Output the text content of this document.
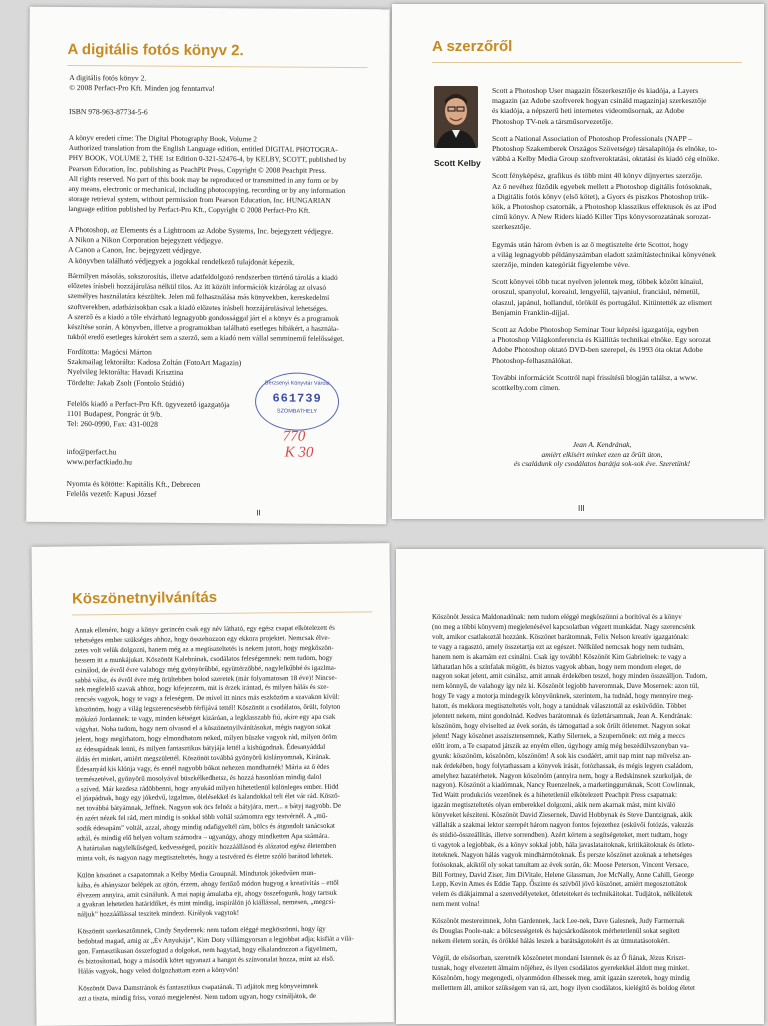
A digitális fotós könyv 2.
A digitális fotós könyv 2.
© 2008 Perfact-Pro Kft. Minden jog fenntartva!
ISBN 978-963-87734-5-6
A könyv eredeti címe: The Digital Photography Book, Volume 2
Authorized translation from the English Language edition, entitled DIGITAL PHOTOGRA-
PHY BOOK, VOLUME 2, THE 1st Edition 0-321-52476-4, by KELBY, SCOTT, published by
Pearson Education, Inc. publishing as PeachPit Press, Copyright © 2008 Peachpit Press.
All rights reserved. No part of this book may be reproduced or transmitted in any form or by
any means, electronic or mechanical, including photocopying, recording or by any information
storage retrieval system, without permission from Pearson Education, Inc. HUNGARIAN
language edition published by Perfact-Pro Kft., Copyright © 2008 Perfact-Pro Kft.
A Photoshop, az Elements és a Lightroom az Adobe Systems, Inc. bejegyzett védjegye.
A Nikon a Nikon Corporation bejegyzett védjegye.
A Canon a Canon, Inc. bejegyzett védjegye.
A könyvben található védjegyek a jogokkal rendelkező tulajdonát képezik.
Bármilyen másolás, sokszorosítás, illetve adatfeldolgozó rendszerben történő tárolás a kiadó
előzetes írásbeli hozzájárulása nélkül tilos. Az itt közölt információk kizárólag az olvasó
személyes használatára készültek. Jelen mű felhasználása más könyvekben, kereskedelmi
szoftverekben, adatbázisokban csak a kiadó előzetes írásbeli hozzájárulásával lehetséges.
A szerző és a kiadó a tőle elvárható legnagyobb gondossággal járt el a könyv és a programok
készítése során. A könyvben, illetve a programokban található esetleges hibákért, a használa-
tukból eredő esetleges károkért sem a szerző, sem a kiadó nem vállal semminemű felelősséget.
Fordította: Magócsi Márton
Szakmailag lektorálta: Kadosa Zoltán (FotoArt Magazin)
Nyelvileg lektorálta: Havadi Krisztina
Tördelte: Jakab Zsolt (Fontolo Stúdió)
Felelős kiadó a Perfact-Pro Kft. ügyvezető igazgatója
1101 Budapest, Pongrác út 9/b.
Tel: 260-0990, Fax: 431-0028
info@perfact.hu
www.perfactkiado.hu
Nyomta és kötötte: Kapitális Kft., Debrecen
Felelős vezető: Kapusi József
Berzsenyi Könyvtár Városi
661739
SZOMBATHELY
770
K 30
II
A szerzőről
Scott Kelby

Scott a Photoshop User magazin főszerkesztője és kiadója, a Layers
magazin (az Adobe szoftverek hogyan csináld magazinja) szerkesztője
és kiadója, a népszerű heti internetes videoműsornak, az Adobe
Photoshop TV-nek a társműsorvezetője.

Scott a National Association of Photoshop Professionals (NAPP –
Photoshop Szakemberek Országos Szövetsége) társalapítója és elnöke, to-
vábbá a Kelby Media Group szoftveroktatási, oktatási és kiadó cég elnöke.

Scott fényképész, grafikus és több mint 40 könyv díjnyertes szerzője.
Az ő nevéhez fűződik egyebek mellett a Photoshop digitális fotósoknak,
a Digitális fotós könyv (első kötet), a Gyors és piszkos Photoshop trük-
kök, a Photoshop csatornák, a Photoshop klasszikus effektusok és az iPod
című könyv. A New Riders kiadó Killer Tips könyvsorozatának sorozat-
szerkesztője.

Egymás után három évben is az ő megtisztelte érte Scottot, hogy
a világ legnagyobb példányszámban eladott számítástechnikai könyvének
szerzője, minden kategóriát figyelembe véve.

Scott könyvei több tucat nyelven jelentek meg, többek között kínaiul,
oroszul, spanyolul, koreaiul, lengyelül, tajvaniul, franciául, németül,
olaszul, japánul, hollandul, törökül és portugálul. Kitüntették az elismert
Benjamin Franklin-díjjal.

Scott az Adobe Photoshop Seminar Tour képzési igazgatója, egyben
a Photoshop Világkonferencia és Kiállítás technikai elnöke. Egy sorozat
Adobe Photoshop oktató DVD-ben szerepel, és 1993 óta oktat Adobe
Photoshop-felhasználókat.

További információt Scottról napi frissítésű blogján találsz, a www.
scottkelby.com címen.

Jean A. Kendrának,
amiért elkísért minket ezen az őrült úton,
és családunk oly csodálatos barátja sok-sok éve. Szeretünk!
III
Köszönetnyilvánítás

Annak ellenére, hogy a könyv gerincén csak egy név látható, egy egész csapat elkötelezett és
tehetséges ember szükséges ahhoz, hogy összehozzon egy ekkora projektet. Nemcsak élve-
zetes volt velük dolgozni, hanem még az a megtiszteltetés is nekem jutott, hogy megköszön-
hessem itt a munkájukat. Köszönöt Kalebrának, csodálatos feleségemnek: nem tudom, hogy
csinálod, de évről évre valahogy még gyönyörűbbé, együttérzőbbé, nagylelkűbbé és igazlma-
sabbá válsz, és évről évre még örültebben bolod szeretek (már folyamatosan 18 éve)! Nincse-
nek megfelelő szavak ahhoz, hogy kifejezzem, mit is érzek irántad, és milyen hálás és sze-
rencsés vagyok, hogy te vagy a feleségem. De mivel itt nincs más eszközöm a szavakon kívül:
köszönöm, hogy a világ legszerencsésebb férfijává tettél! Köszönöt a csodálatos, őrült, folyton
mókázó Jordannek: te vagy, minden kétséget kizáróan, a legklasszabb fiú, akire egy apa csak
vágyhat. Noha tudom, hogy nem olvasod el a köszönetnyilvánításokat, mégis nagyon sokat
jelent, hogy megírhatom, hogy elmondhatom neked, milyen büszke vagyok rád, milyen öröm
az édesapádnak lenni, és milyen fantasztikus bátyjája lettél a kishúgodnak. Édesanyáddal
áldás ért minket, amiért megszülettél. Köszönöt továbbá gyönyörű kislányomnak, Kirának.
Édesanyád kis klónja vagy, és ennél nagyobb bókot nehezen mondhatnék! Mária az ő édes
természetével, gyönyörű mosolyával büszkélkedhetsz, és hozzá hasonlóan mindig dalol
a szíved. Már kezdesz rádöbbenni, hogy anyukád milyen hihetetlenül különleges ember. Hidd
el jóapádnak, hogy egy jókedvű, izgalmas, ölelésekkel és kalandokkal teli élet vár rád. Köszö-
net továbbá bátyámnak, Jeffnek. Nagyon sok öcs felnéz a bátyjára, mert... a bátyj nagyobb. De
én azért nézek fel rád, mert mindig is sokkal több voltál számomra egy testvérnél. A „mű-
sodik édesapám” voltál, azzal, ahogy mindig odafigyeltél rám, bölcs és átgondolt tanácsokat
adtál, és mindig elő helyen voltam számodra – ugyanúgy, ahogy mindketten Apa számára.
A határtalan nagylelkűséged, kedvességed, pozitív hozzáállásod és alázatod egész életemben
minta volt, és nagyon nagy megtiszteltetés, hogy a testvéred és életre szóló barátod lehetek.

Külön köszönet a csapatomnak a Kelby Media Groupnál. Mindtatok jókedvűen mun-
kába, és ahányszor belépek az ajtón, érzem, ahogy fertőző módon hugyog a kreativitás – ettől
élvezem annyira, amit csinálunk. A mai napig ámulatba ejt, ahogy összefogunk, hogy tartsuk
a gyakran lehetetlen határidőket, és mint mindig, inspirálón jó kiállással, nemesen, „megcsi-
náljuk” hozzáállással teszitek mindezt. Királyok vagytok!

Köszönöt szerkesztőmnek, Cindy Snydernek: nem tudom eléggé megköszönni, hogy így
bedobtad magad, amig az „Év Anyukája”, Kim Doty villámgyorsan a legjobbat adja; kisfiát a vilá-
gon. Fantasztikusan összefogtad a dolgokat, nem hagytad, hogy elkalandozzon a figyelmem,
és biztosítottad, hogy a második kötet ugyanazt a hangot és színvonalat hozza, mint az első.
Hálás vagyok, hogy veled dolgozhattam ezen a könyvön!

Köszönöt Dava Damstránok és fantasztikus csapatának. Ti adjátok meg könyveimnek
azt a tiszta, mindig friss, vonzó megjelenést. Nem tudom ugyan, hogy csináljátok, de

Köszönöt Jessica Maldonadónak: nem tudom eléggé megköszönni a borítóval és a könyv
(no meg a többi könyvem) megjelenésével kapcsolatban végzett munkádat. Nagy szerencsénk
volt, amikor csatlakoztál hozzánk. Köszönet barátomnak, Felix Nelson kreatív igazgatónak:
te vagy a ragasztó, amely összetartja ezt az egészet. Nélküled nemcsak hogy nem tudnám,
hanem nem is akarnám ezt csinálni. Csak így tovább! Köszönöt Kim Gabrielnek: te vagy a
láthatatlan hős a színfalak mögött, és biztos vagyok abban, hogy nem mondom eleget, de
nagyon sokat jelent, amit csinálsz, amit annak érdekében teszel, hogy minden összeálljon. Tudom,
nem könnyű, de valahogy így néz ki. Köszönöt legjobb haveromnak, Dave Mosernek: azon túl,
hogy Te vagy a motorja mindegyik könyvünknek, szerintem, ha tudnád, hogy mennyire meg-
hatott, és mekkora megtiszteltetés volt, hogy a tanúdnak választottál az esküvődön. Többet
jelentett nekem, mint gondolnád. Kedves barátomnak és üzlettársamnak, Jean A. Kendrának:
köszönöm, hogy elviselted az évek során, és támogattad a sok őrült ötletemet. Nagyon sokat
jelent! Nagy köszönet asszisztensemnek, Kathy Silernek, a Szupernőnek: ezt még a meccs
előtt írom, a Te csapatod játszik az enyém ellen, úgyhogy amíg még beszédülvszonyban va-
gyunk: köszönöm, köszönöm, köszönöm! A sok kis csodáért, amit nap mint nap művelsz an-
nak érdekében, hogy folytathassam a könyvek írását, fotózhassak, és mégis legyen családom,
amelyhez hazatérhetek. Nagyon köszönöm (annyira nem, hogy a Redskinsnek szurkoljak, de
nagyon). Köszönöt a kiadómnak, Nancy Ruenzelnek, a marketingguruknak, Scott Cowlinnak,
Ted Waitt produkciós vezetőnek és a hihetetlenül elkötelezett Peachpit Press csapatnak:
igazán megtiszteltetés olyan emberekkel dolgozni, akik nem akarnak mást, mint kiváló
könyveket készíteni. Köszönöt David Ziesernek, David Hobbynak és Steve Dantzignak, akik
vállalták a szakmai lektor szerepét három nagyon fontos fejezethez (esküvői fotózás, vakuzás
és stúdió-összeállítás, illetve sorrendben). Azért kértem a segítségeteket, mert tudtam, hogy
ti vagytok a legjobbak, és a könyv sokkal jobb, hála javaslataitoknak, kritikáitoknak és ötlete-
iteteknek. Nagyon hálás vagyok mindhármótoknak. És persze köszönet azoknak a tehetséges
fotósoknak, akiktől oly sokat tanultam az évek során, ők: Moose Peterson, Vincent Versace,
Bill Fortney, David Ziser, Jim DiVitale, Helene Glassman, Joe McNally, Anne Cahill, George
Lepp, Kevin Ames és Eddie Tapp. Őszinte és szívből jövő köszönet, amiért megosztottátok
velem és diákjaimmal a szenvedélyeteket, ötleteiteket és technikáitokat. Tudjátok, nélkületek
nem ment volna!

Köszönöt mestereimnek, John Gardennek, Jack Lee-nek, Dave Galesnek, Judy Farmernak
és Douglas Poole-nak: a bölcsességetek és hajcsárkodásotok mérhetetlenül sokat segített
nekem életem során, és örökké hálás leszek a barátságotokért és az útmutatásotokért.

Végül, de elsősorban, szeretnék köszönetet mondani Istennek és az Ő fiának, Jézus Kriszt-
tusnak, hogy elvezetett álmaim nőjéhez, és ilyen csodálatos gyerekekkel áldott meg minket.
Köszönöm, hogy megengedi, olyanmódon élhessek meg, amit igazán szeretek, hogy mindig
melletttem áll, amikor szükségem van rá, azt, hogy ilyen csodálatos, kielégítő és boldog életet
